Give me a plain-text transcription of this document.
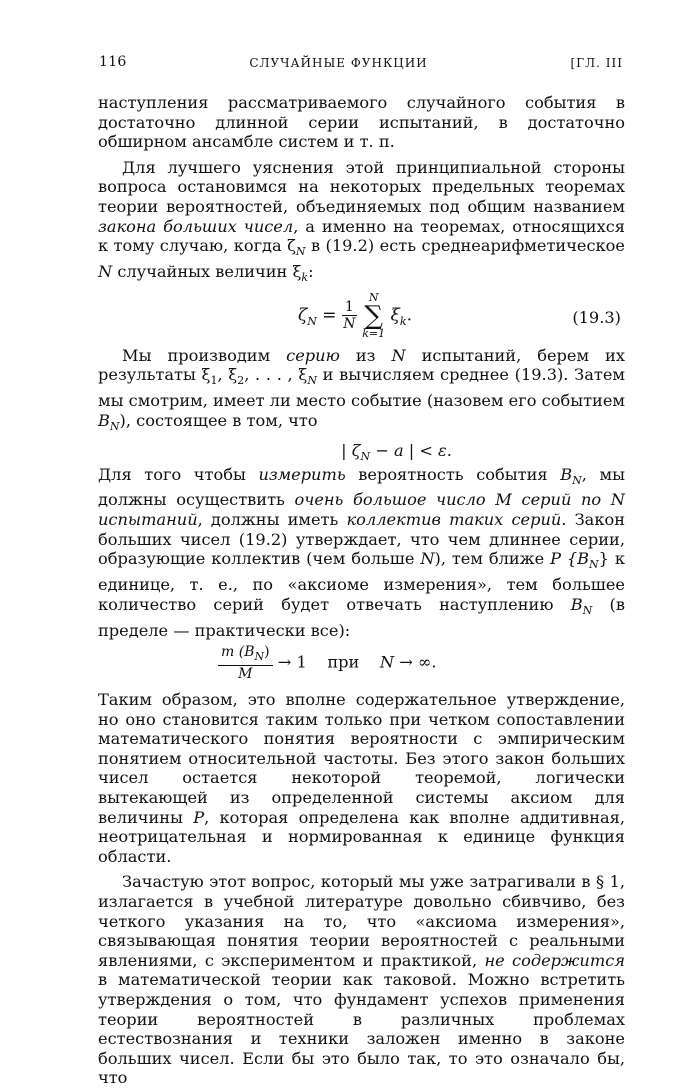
116	СЛУЧАЙНЫЕ ФУНКЦИИ	[ГЛ. III

наступления рассматриваемого случайного события в достаточно длинной серии испытаний, в достаточно обширном ансамбле систем и т. п.

Для лучшего уяснения этой принципиальной стороны вопроса остановимся на некоторых предельных теоремах теории вероятностей, объединяемых под общим названием закона больших чисел, а именно на теоремах, относящихся к тому случаю, когда $\zeta_N$ в (19.2) есть среднеарифметическое N случайных величин $\xi_k$:

$\zeta_N = \frac{1}{N}$

N
∑
k=1
$\xi_k$.	(19.3)

Мы производим серию из N испытаний, берем их результаты $\xi_1$, $\xi_2$, . . . , $\xi_N$ и вычисляем среднее (19.3). Затем мы смотрим, имеет ли место событие (назовем его событием $B_N$), состоящее в том, что

| $\zeta_N - a$ | < ε.

Для того чтобы измерить вероятность события $B_N$, мы должны осуществить очень большое число M серий по N испытаний, должны иметь коллектив таких серий. Закон больших чисел (19.2) утверждает, что чем длиннее серии, образующие коллектив (чем больше N), тем ближе P $\{B_N\}$ к единице, т. е., по «аксиоме измерения», тем большее количество серий будет отвечать наступлению $B_N$ (в пределе — практически все):

$\frac{m (B_N)}{M} \to 1$ при N → ∞.

Таким образом, это вполне содержательное утверждение, но оно становится таким только при четком сопоставлении математического понятия вероятности с эмпирическим понятием относительной частоты. Без этого закон больших чисел остается некоторой теоремой, логически вытекающей из определенной системы аксиом для величины P, которая определена как вполне аддитивная, неотрицательная и нормированная к единице функция области.

Зачастую этот вопрос, который мы уже затрагивали в § 1, излагается в учебной литературе довольно сбивчиво, без четкого указания на то, что «аксиома измерения», связывающая понятия теории вероятностей с реальными явлениями, с экспериментом и практикой, не содержится в математической теории как таковой. Можно встретить утверждения о том, что фундамент успехов применения теории вероятностей в различных проблемах естествознания и техники заложен именно в законе больших чисел. Если бы это было так, то это означало бы, что
